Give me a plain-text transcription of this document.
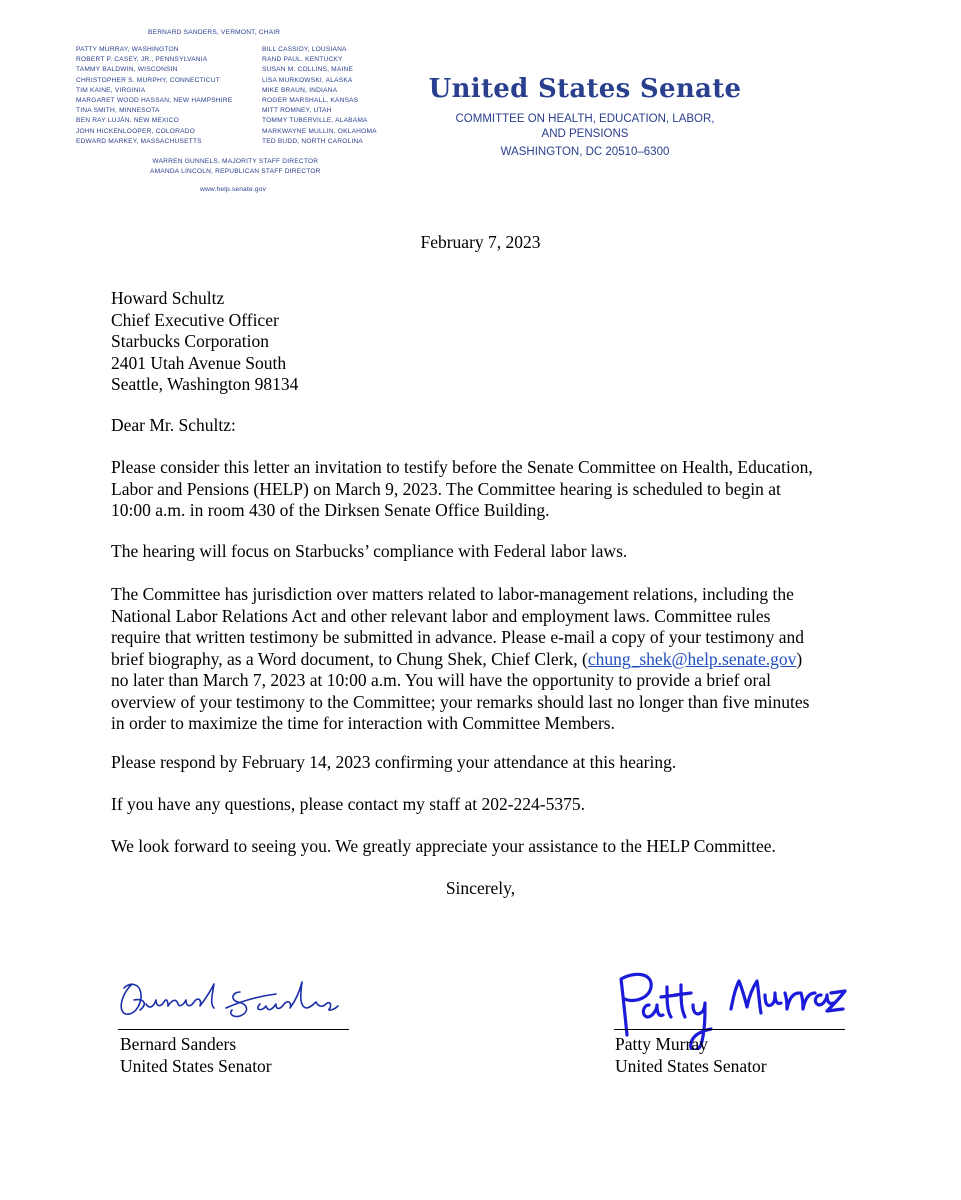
BERNARD SANDERS, VERMONT, CHAIR
PATTY MURRAY, WASHINGTON
ROBERT P. CASEY, JR., PENNSYLVANIA
TAMMY BALDWIN, WISCONSIN
CHRISTOPHER S. MURPHY, CONNECTICUT
TIM KAINE, VIRGINIA
MARGARET WOOD HASSAN, NEW HAMPSHIRE
TINA SMITH, MINNESOTA
BEN RAY LUJÁN, NEW MEXICO
JOHN HICKENLOOPER, COLORADO
EDWARD MARKEY, MASSACHUSETTS
BILL CASSIDY, LOUSIANA
RAND PAUL, KENTUCKY
SUSAN M. COLLINS, MAINE
LISA MURKOWSKI, ALASKA
MIKE BRAUN, INDIANA
ROGER MARSHALL, KANSAS
MITT ROMNEY, UTAH
TOMMY TUBERVILLE, ALABAMA
MARKWAYNE MULLIN, OKLAHOMA
TED BUDD, NORTH CAROLINA
WARREN GUNNELS, MAJORITY STAFF DIRECTOR
AMANDA LINCOLN, REPUBLICAN STAFF DIRECTOR
www.help.senate.gov
United States Senate
COMMITTEE ON HEALTH, EDUCATION, LABOR,
AND PENSIONS
WASHINGTON, DC 20510–6300
February 7, 2023
Howard Schultz
Chief Executive Officer
Starbucks Corporation
2401 Utah Avenue South
Seattle, Washington 98134
Dear Mr. Schultz:
Please consider this letter an invitation to testify before the Senate Committee on Health, Education,
Labor and Pensions (HELP) on March 9, 2023. The Committee hearing is scheduled to begin at
10:00 a.m. in room 430 of the Dirksen Senate Office Building.
The hearing will focus on Starbucks’ compliance with Federal labor laws.
The Committee has jurisdiction over matters related to labor-management relations, including the
National Labor Relations Act and other relevant labor and employment laws. Committee rules
require that written testimony be submitted in advance. Please e-mail a copy of your testimony and
brief biography, as a Word document, to Chung Shek, Chief Clerk, (chung_shek@help.senate.gov)
no later than March 7, 2023 at 10:00 a.m. You will have the opportunity to provide a brief oral
overview of your testimony to the Committee; your remarks should last no longer than five minutes
in order to maximize the time for interaction with Committee Members.
Please respond by February 14, 2023 confirming your attendance at this hearing.
If you have any questions, please contact my staff at 202-224-5375.
We look forward to seeing you. We greatly appreciate your assistance to the HELP Committee.
Sincerely,
Bernard Sanders
United States Senator
Patty Murray
United States Senator
